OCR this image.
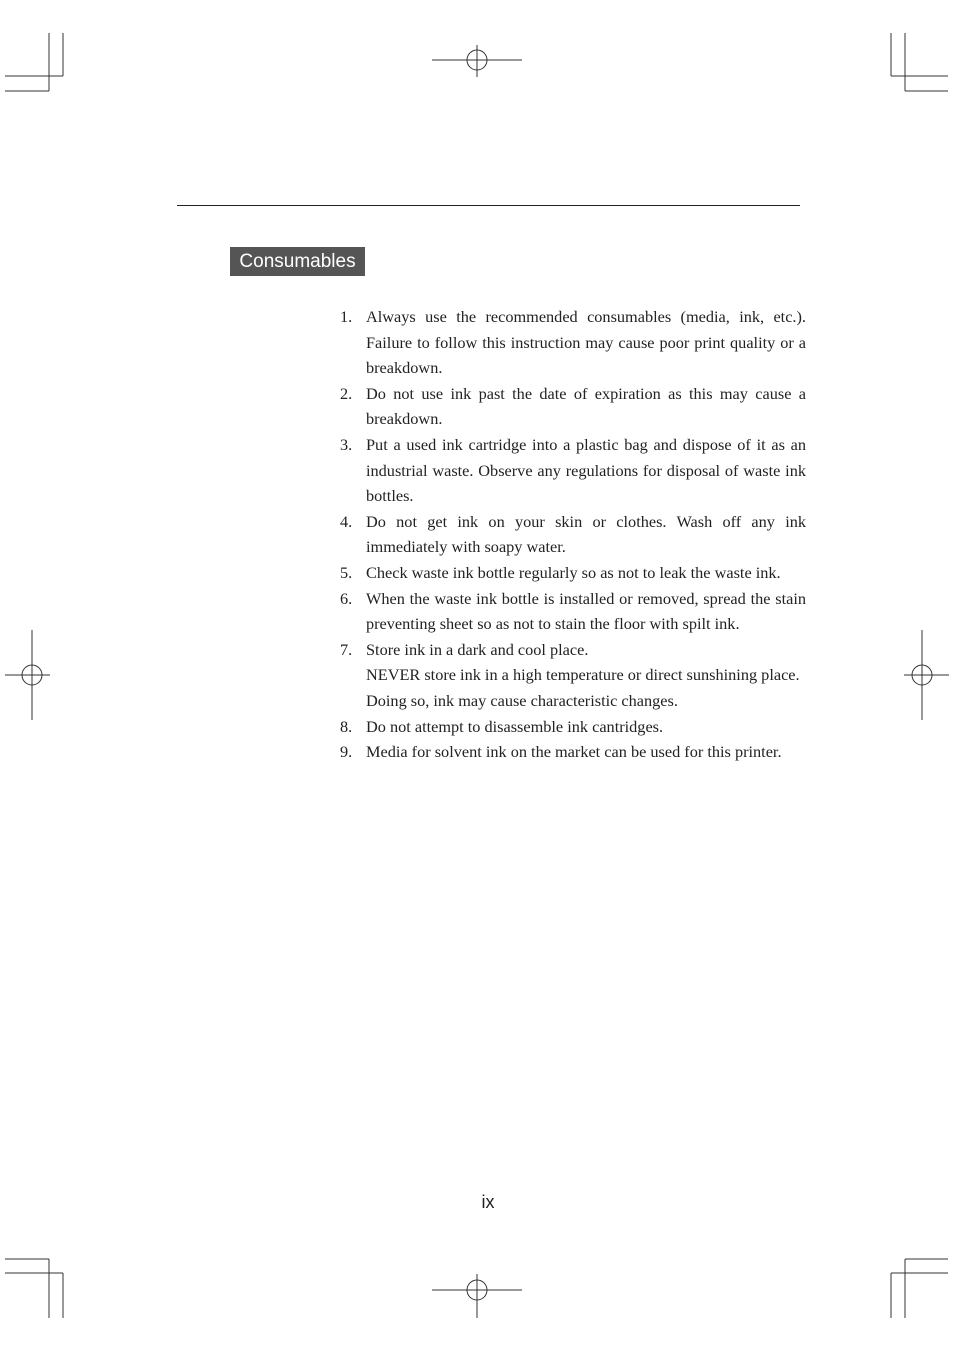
Consumables
1. Always use the recommended consumables (media, ink, etc.). Failure to follow this instruction may cause poor print quality or a breakdown.

2. Do not use ink past the date of expiration as this may cause a breakdown.

3. Put a used ink cartridge into a plastic bag and dispose of it as an industrial waste. Observe any regulations for disposal of waste ink bottles.

4. Do not get ink on your skin or clothes. Wash off any ink immediately with soapy water.

5. Check waste ink bottle regularly so as not to leak the waste ink.

6. When the waste ink bottle is installed or removed, spread the stain preventing sheet so as not to stain the floor with spilt ink.

7. Store ink in a dark and cool place.

NEVER store ink in a high temperature or direct sunshining place.

Doing so, ink may cause characteristic changes.

8. Do not attempt to disassemble ink cantridges.

9. Media for solvent ink on the market can be used for this printer.

ix
